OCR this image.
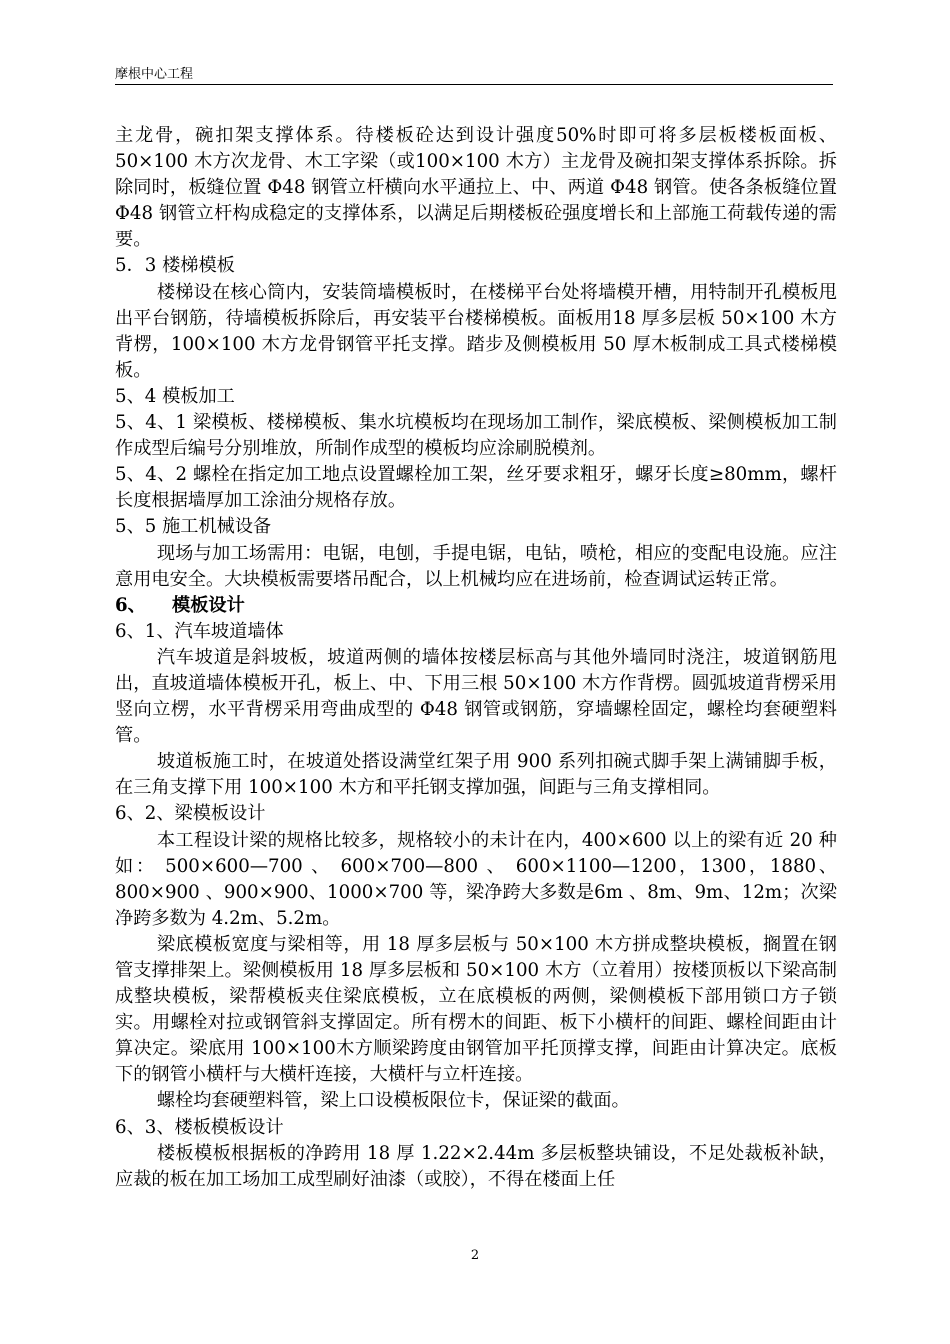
摩根中心工程

主龙骨，碗扣架支撑体系。待楼板砼达到设计强度50%时即可将多层板楼板面板、50×100 木方次龙骨、木工字梁（或100×100 木方）主龙骨及碗扣架支撑体系拆除。拆除同时，板缝位置 Φ48 钢管立杆横向水平通拉上、中、两道 Φ48 钢管。使各条板缝位置 Φ48 钢管立杆构成稳定的支撑体系，以满足后期楼板砼强度增长和上部施工荷载传递的需要。

5．3 楼梯模板

楼梯设在核心筒内，安装筒墙模板时，在楼梯平台处将墙模开槽，用特制开孔模板甩出平台钢筋，待墙模板拆除后，再安装平台楼梯模板。面板用18 厚多层板 50×100 木方背楞，100×100 木方龙骨钢管平托支撑。踏步及侧模板用 50 厚木板制成工具式楼梯模板。

5、4 模板加工

5、4、1 梁模板、楼梯模板、集水坑模板均在现场加工制作，梁底模板、梁侧模板加工制作成型后编号分别堆放，所制作成型的模板均应涂刷脱模剂。

5、4、2 螺栓在指定加工地点设置螺栓加工架，丝牙要求粗牙，螺牙长度≥80mm，螺杆长度根据墙厚加工涂油分规格存放。

5、5 施工机械设备

现场与加工场需用：电锯，电刨，手提电锯，电钻，喷枪，相应的变配电设施。应注意用电安全。大块模板需要塔吊配合，以上机械均应在进场前，检查调试运转正常。

6、 模板设计

6、1、汽车坡道墙体

汽车坡道是斜坡板，坡道两侧的墙体按楼层标高与其他外墙同时浇注，坡道钢筋甩出，直坡道墙体模板开孔，板上、中、下用三根 50×100 木方作背楞。圆弧坡道背楞采用竖向立楞，水平背楞采用弯曲成型的 Φ48 钢管或钢筋，穿墙螺栓固定，螺栓均套硬塑料管。

坡道板施工时，在坡道处搭设满堂红架子用 900 系列扣碗式脚手架上满铺脚手板，在三角支撑下用 100×100 木方和平托钢支撑加强，间距与三角支撑相同。

6、2、梁模板设计

本工程设计梁的规格比较多，规格较小的未计在内，400×600 以上的梁有近 20 种如： 500×600—700 、 600×700—800 、 600×1100—1200，1300，1880、800×900 、900×900、1000×700 等，梁净跨大多数是6m 、8m、9m、12m；次梁净跨多数为 4.2m、5.2m。

梁底模板宽度与梁相等，用 18 厚多层板与 50×100 木方拼成整块模板，搁置在钢管支撑排架上。梁侧模板用 18 厚多层板和 50×100 木方（立着用）按楼顶板以下梁高制成整块模板，梁帮模板夹住梁底模板，立在底模板的两侧，梁侧模板下部用锁口方子锁实。用螺栓对拉或钢管斜支撑固定。所有楞木的间距、板下小横杆的间距、螺栓间距由计算决定。梁底用 100×100木方顺梁跨度由钢管加平托顶撑支撑，间距由计算决定。底板下的钢管小横杆与大横杆连接，大横杆与立杆连接。

螺栓均套硬塑料管，梁上口设模板限位卡，保证梁的截面。

6、3、楼板模板设计

楼板模板根据板的净跨用 18 厚 1.22×2.44m 多层板整块铺设，不足处裁板补缺，应裁的板在加工场加工成型刷好油漆（或胶），不得在楼面上任

2
